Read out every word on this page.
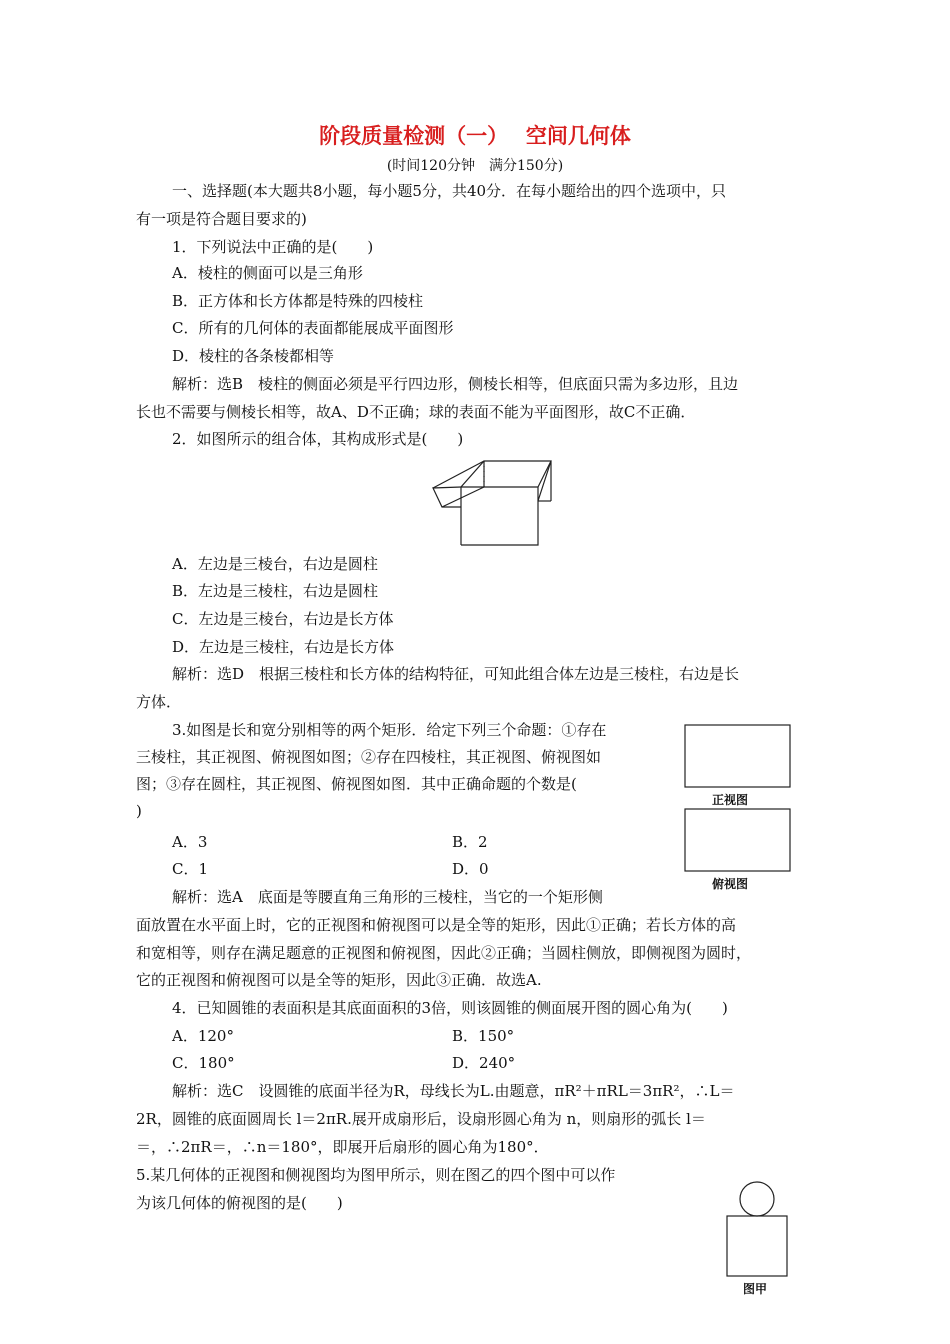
阶段质量检测（一）　 空间几何体
(时间120分钟　满分150分)
一、选择题(本大题共8小题，每小题5分，共40分．在每小题给出的四个选项中，只
有一项是符合题目要求的)
1．下列说法中正确的是(　　)
A．棱柱的侧面可以是三角形
B．正方体和长方体都是特殊的四棱柱
C．所有的几何体的表面都能展成平面图形
D．棱柱的各条棱都相等
解析：选B　棱柱的侧面必须是平行四边形，侧棱长相等，但底面只需为多边形，且边
长也不需要与侧棱长相等，故A、D不正确；球的表面不能为平面图形，故C不正确．
2．如图所示的组合体，其构成形式是(　　)
A．左边是三棱台，右边是圆柱
B．左边是三棱柱，右边是圆柱
C．左边是三棱台，右边是长方体
D．左边是三棱柱，右边是长方体
解析：选D　根据三棱柱和长方体的结构特征，可知此组合体左边是三棱柱，右边是长
方体．
3.如图是长和宽分别相等的两个矩形．给定下列三个命题：①存在
三棱柱，其正视图、俯视图如图；②存在四棱柱，其正视图、俯视图如
图；③存在圆柱，其正视图、俯视图如图．其中正确命题的个数是(
)
正视图
俯视图
A．3	B．2
C．1	D．0
解析：选A　底面是等腰直角三角形的三棱柱，当它的一个矩形侧
面放置在水平面上时，它的正视图和俯视图可以是全等的矩形，因此①正确；若长方体的高
和宽相等，则存在满足题意的正视图和俯视图，因此②正确；当圆柱侧放，即侧视图为圆时，
它的正视图和俯视图可以是全等的矩形，因此③正确．故选A.
4．已知圆锥的表面积是其底面面积的3倍，则该圆锥的侧面展开图的圆心角为(　　)
A．120°	B．150°
C．180°	D．240°
解析：选C　设圆锥的底面半径为R，母线长为L.由题意，πR²＋πRL＝3πR²，∴L＝
2R，圆锥的底面圆周长 l＝2πR.展开成扇形后，设扇形圆心角为 n，则扇形的弧长 l＝
＝，∴2πR＝，∴n＝180°，即展开后扇形的圆心角为180°．
5.某几何体的正视图和侧视图均为图甲所示，则在图乙的四个图中可以作
为该几何体的俯视图的是(　　)
图甲
